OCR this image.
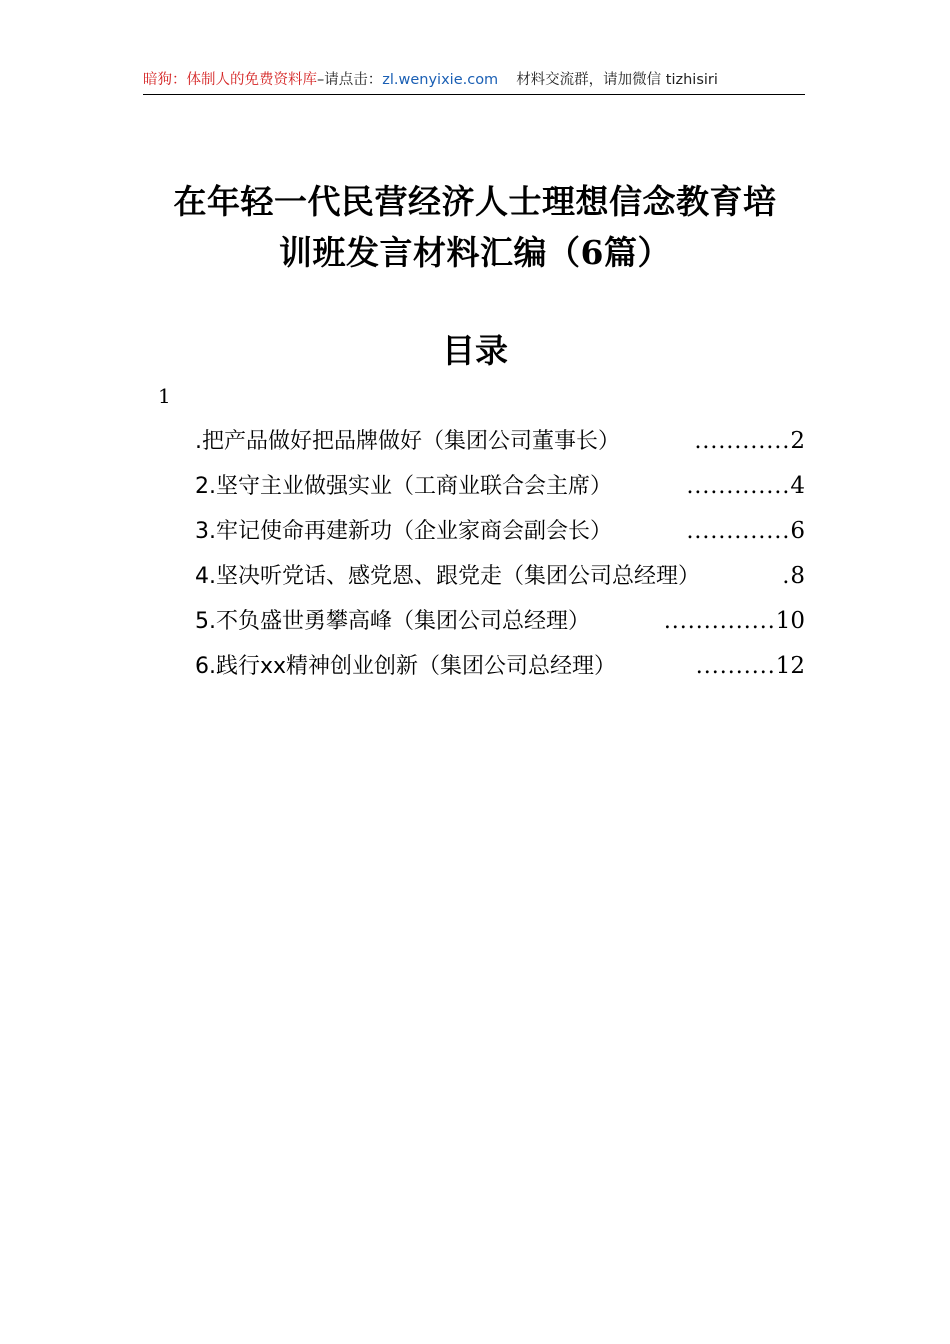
暗狗：体制人的免费资料库–请点击：zl.wenyixie.com 材料交流群，请加微信 tizhisiri
在年轻一代民营经济人士理想信念教育培
训班发言材料汇编（6篇）
目录
1
.把产品做好把品牌做好（集团公司董事长）	............ 2
2.坚守主业做强实业（工商业联合会主席）	............. 4
3.牢记使命再建新功（企业家商会副会长）	............. 6
4.坚决听党话、感党恩、跟党走（集团公司总经理）	. 8
5.不负盛世勇攀高峰（集团公司总经理）	.............. 10
6.践行xx精神创业创新（集团公司总经理）	.......... 12
